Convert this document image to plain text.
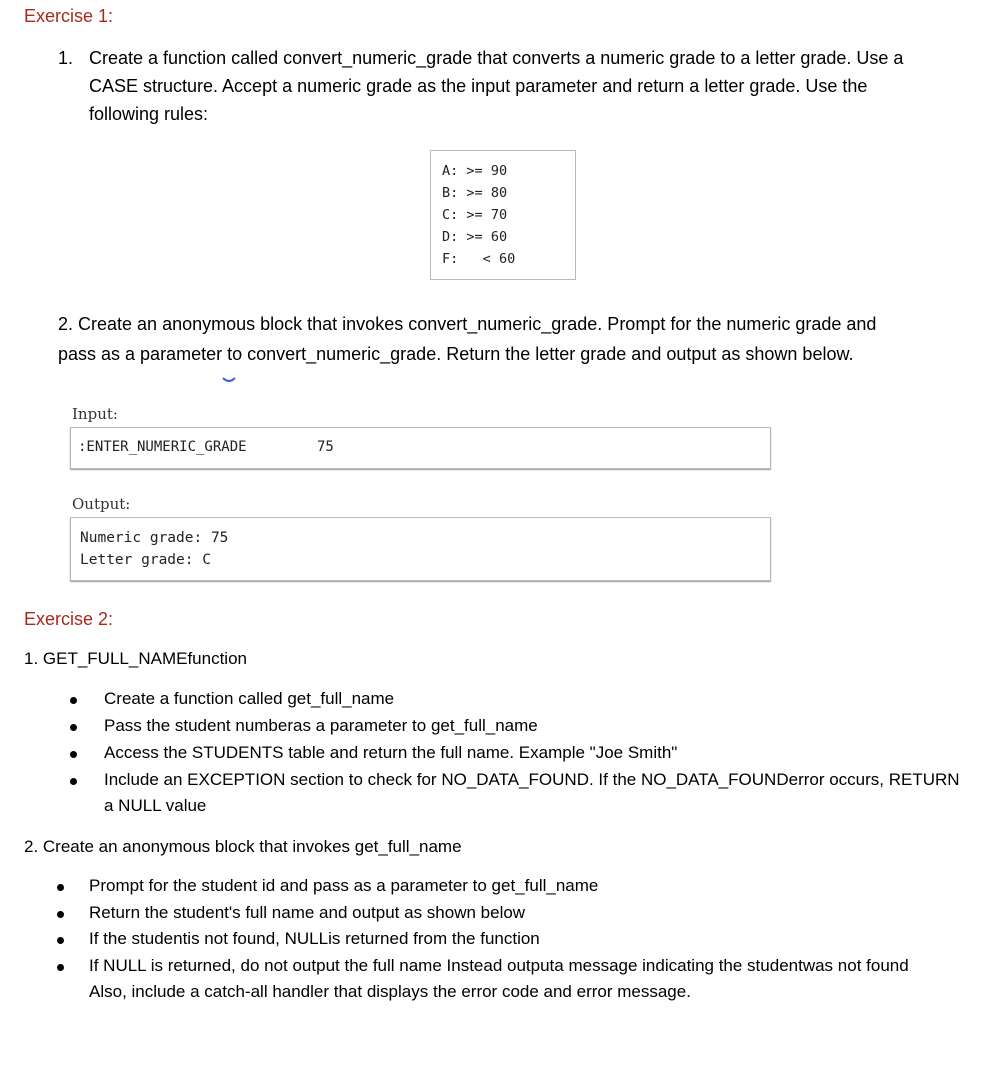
Exercise 1:
1. Create a function called convert_numeric_grade that converts a numeric grade to a letter grade. Use a
CASE structure. Accept a numeric grade as the input parameter and return a letter grade. Use the
following rules:
A: >= 90
B: >= 80
C: >= 70
D: >= 60
F: < 60
2. Create an anonymous block that invokes convert_numeric_grade. Prompt for the numeric grade and
pass as a parameter to convert_numeric_grade. Return the letter grade and output as shown below.
Input:
:ENTER_NUMERIC_GRADE	75
Output:
Numeric grade: 75
Letter grade: C
Exercise 2:
1. GET_FULL_NAMEfunction
Create a function called get_full_name
Pass the student numberas a parameter to get_full_name
Access the STUDENTS table and return the full name. Example "Joe Smith"
Include an EXCEPTION section to check for NO_DATA_FOUND. If the NO_DATA_FOUNDerror occurs, RETURN
a NULL value
2. Create an anonymous block that invokes get_full_name
Prompt for the student id and pass as a parameter to get_full_name
Return the student's full name and output as shown below
If the studentis not found, NULLis returned from the function
If NULL is returned, do not output the full name Instead outputa message indicating the studentwas not found
Also, include a catch-all handler that displays the error code and error message.
